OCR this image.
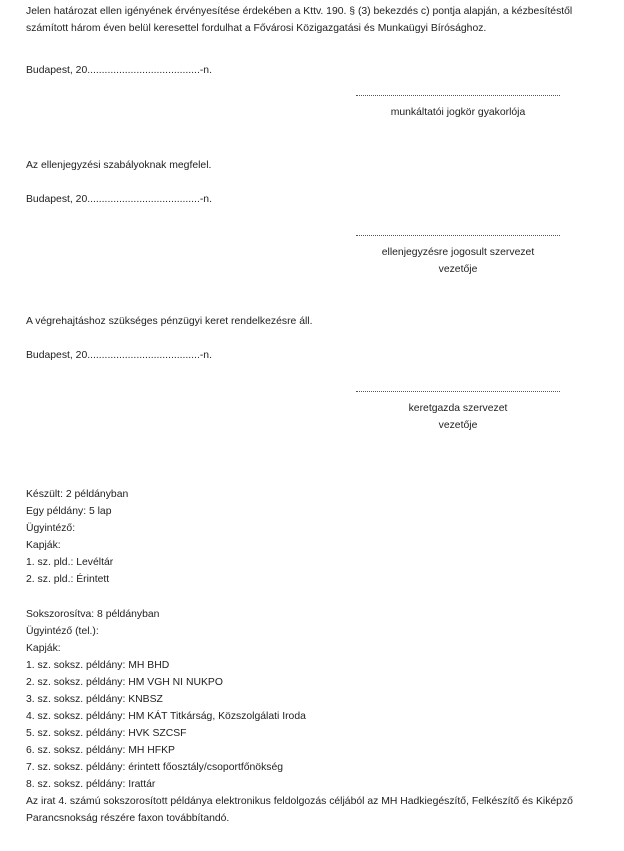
Jelen határozat ellen igényének érvényesítése érdekében a Kttv. 190. § (3) bekezdés c) pontja alapján, a kézbesítéstől számított három éven belül keresettel fordulhat a Fővárosi Közigazgatási és Munkaügyi Bírósághoz.
Budapest, 20.......................................-n.
munkáltatói jogkör gyakorlója
Az ellenjegyzési szabályoknak megfelel.
Budapest, 20.......................................-n.
ellenjegyzésre jogosult szervezet
vezetője
A végrehajtáshoz szükséges pénzügyi keret rendelkezésre áll.
Budapest, 20.......................................-n.
keretgazda szervezet
vezetője
Készült: 2 példányban
Egy példány: 5 lap
Ügyintéző:
Kapják:
1. sz. pld.: Levéltár
2. sz. pld.: Érintett
Sokszorosítva: 8 példányban
Ügyintéző (tel.):
Kapják:
1. sz. soksz. példány: MH BHD
2. sz. soksz. példány: HM VGH NI NUKPO
3. sz. soksz. példány: KNBSZ
4. sz. soksz. példány: HM KÁT Titkárság, Közszolgálati Iroda
5. sz. soksz. példány: HVK SZCSF
6. sz. soksz. példány: MH HFKP
7. sz. soksz. példány: érintett főosztály/csoportfőnökség
8. sz. soksz. példány: Irattár
Az irat 4. számú sokszorosított példánya elektronikus feldolgozás céljából az MH Hadkiegészítő, Felkészítő és Kiképző Parancsnokság részére faxon továbbítandó.
